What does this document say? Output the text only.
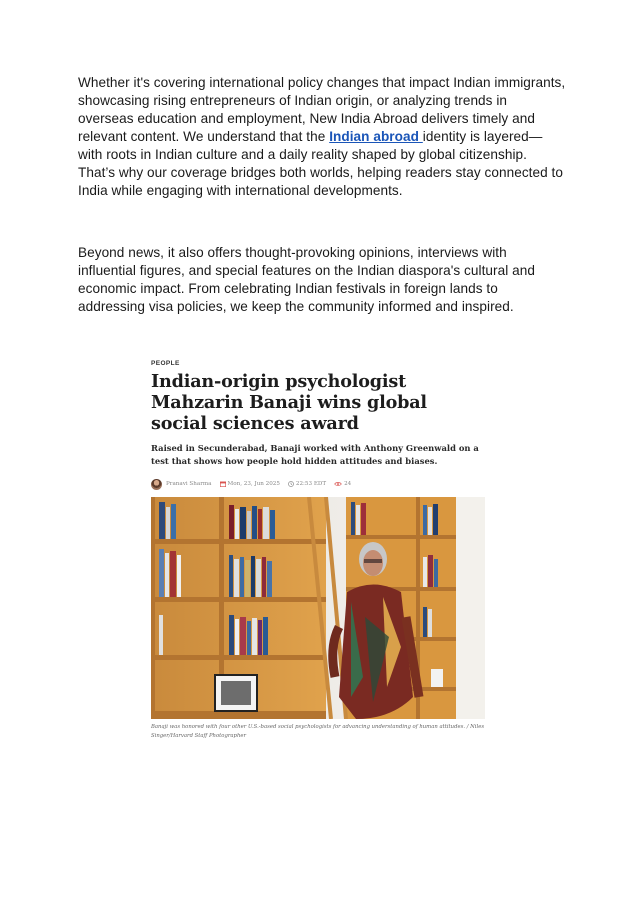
Whether it's covering international policy changes that impact Indian immigrants, showcasing rising entrepreneurs of Indian origin, or analyzing trends in overseas education and employment, New India Abroad delivers timely and relevant content. We understand that the Indian abroad identity is layered—with roots in Indian culture and a daily reality shaped by global citizenship. That’s why our coverage bridges both worlds, helping readers stay connected to India while engaging with international developments.

Beyond news, it also offers thought-provoking opinions, interviews with influential figures, and special features on the Indian diaspora's cultural and economic impact. From celebrating Indian festivals in foreign lands to addressing visa policies, we keep the community informed and inspired.

PEOPLE
Indian-origin psychologist Mahzarin Banaji wins global social sciences award
Raised in Secunderabad, Banaji worked with Anthony Greenwald on a test that shows how people hold hidden attitudes and biases.
Pranavi Sharma	Mon, 23, Jun 2025	22:53 EDT	24
Banaji was honored with four other U.S.-based social psychologists for advancing understanding of human attitudes. / Niles Singer/Harvard Staff Photographer
